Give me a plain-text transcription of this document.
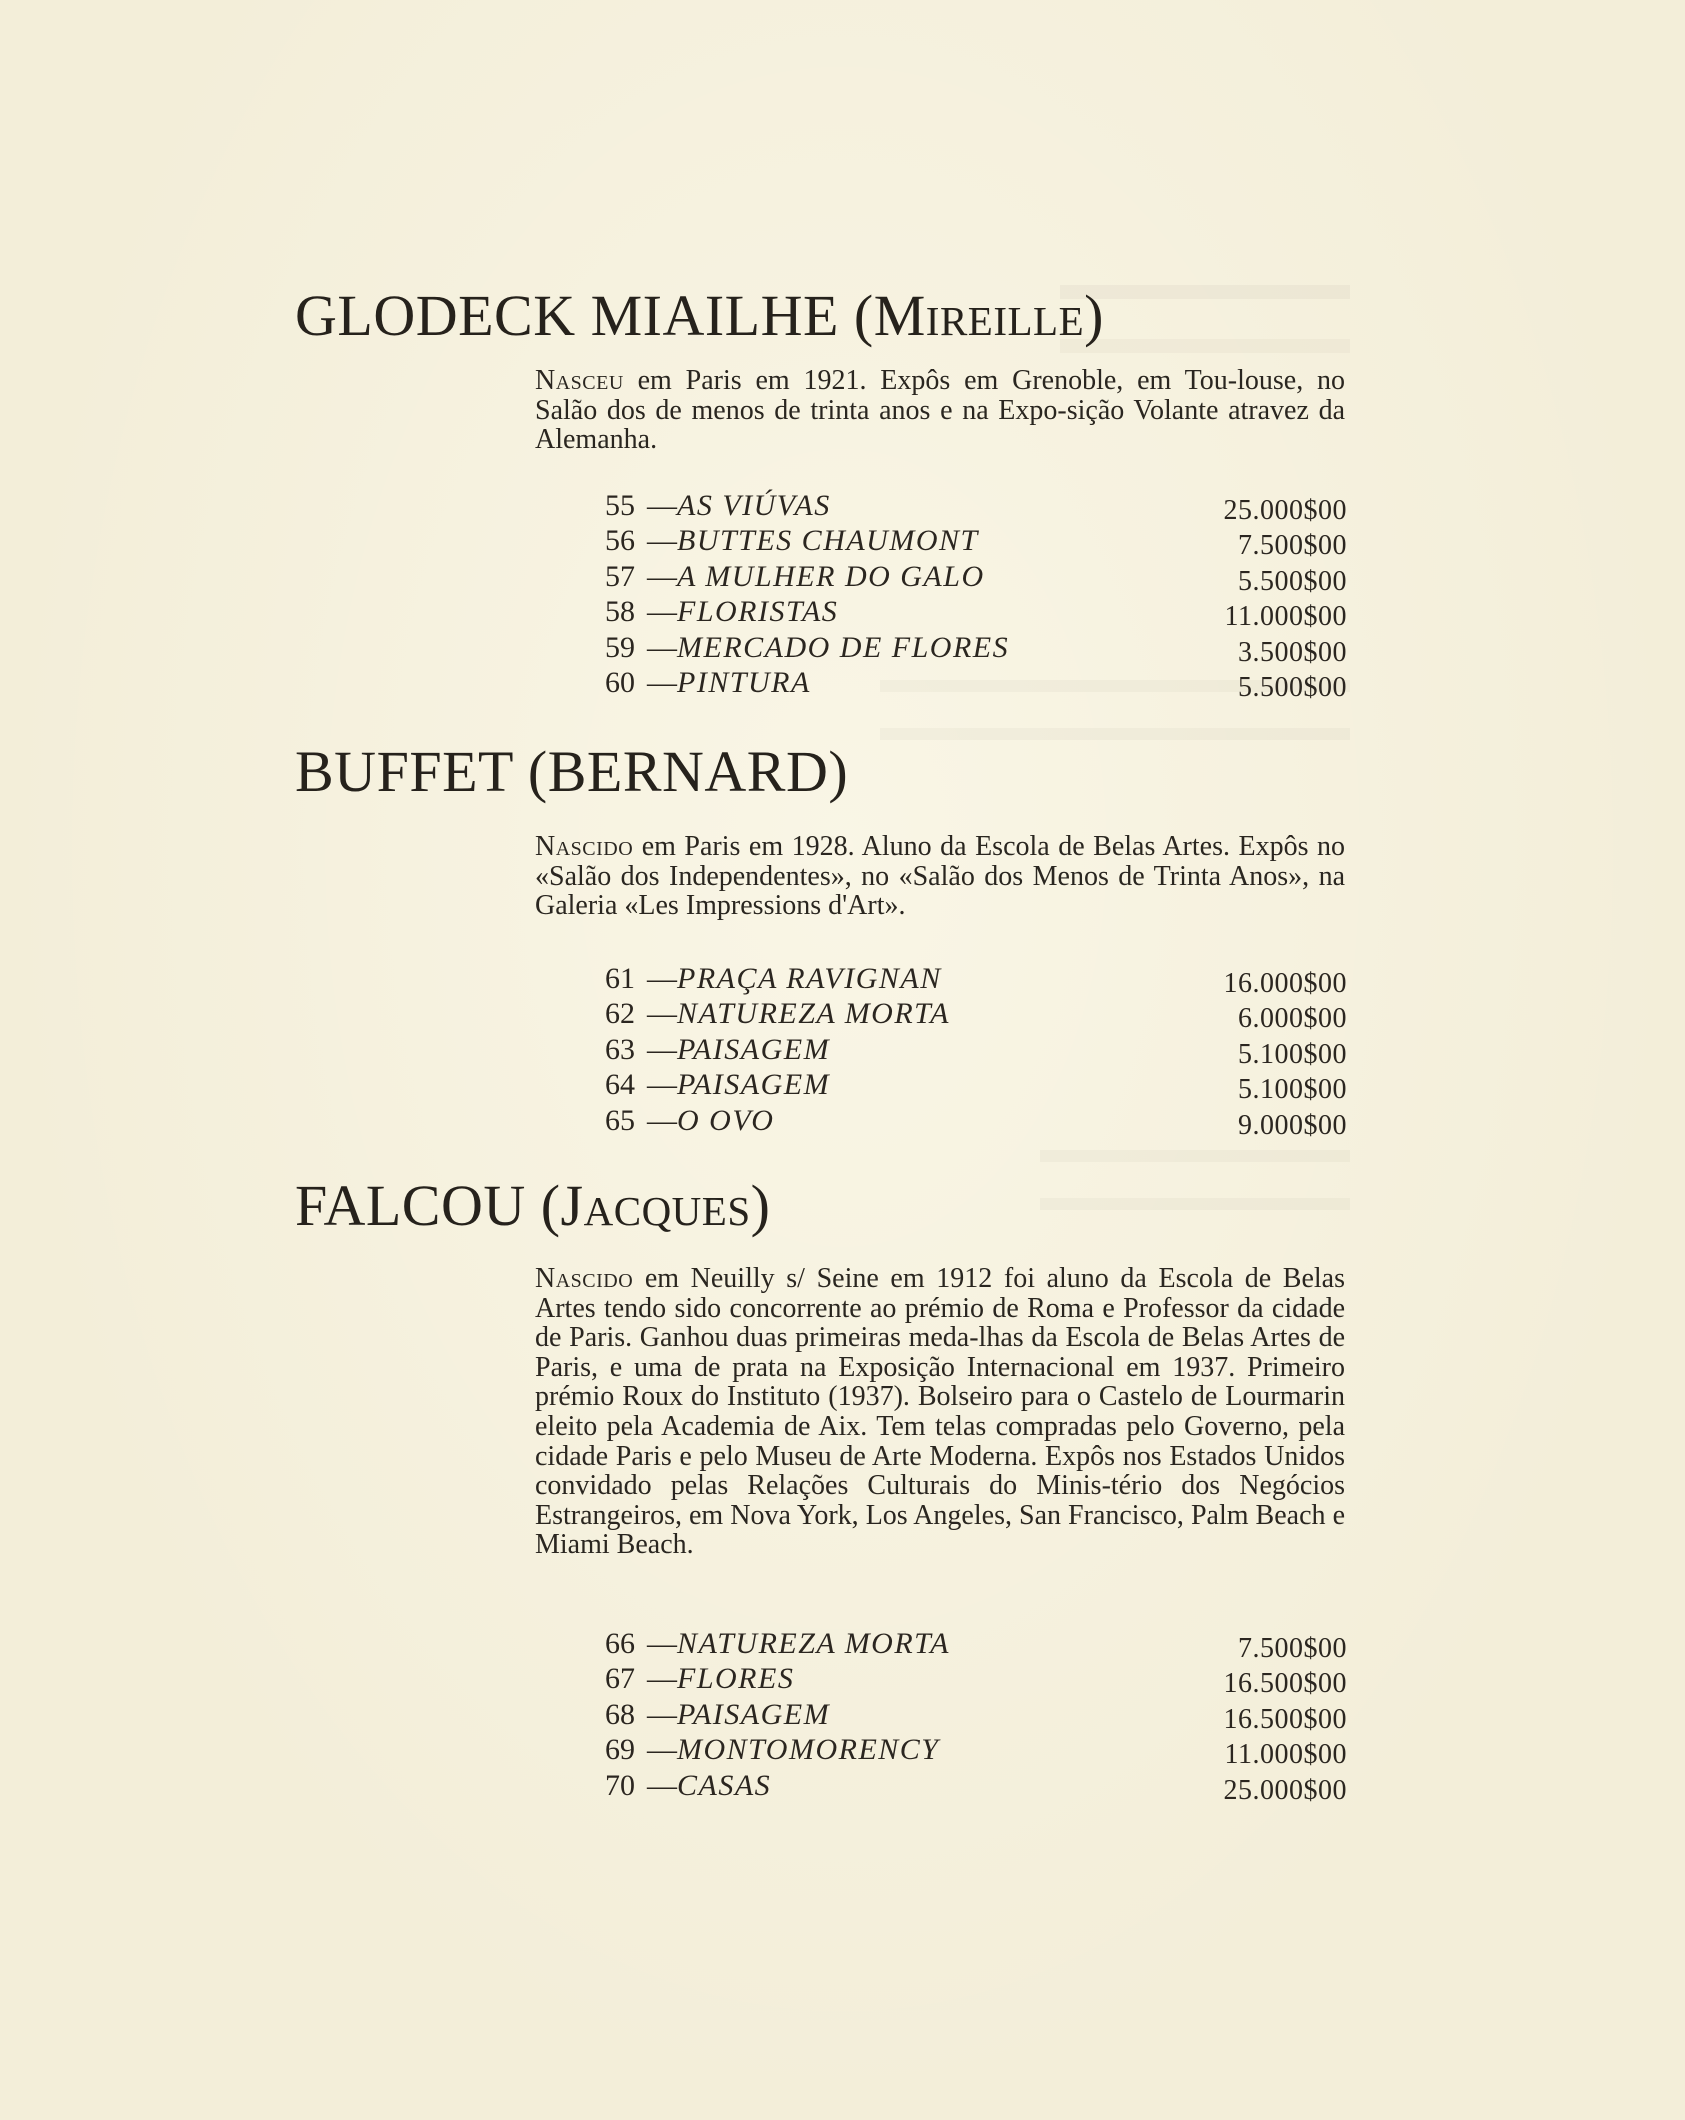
GLODECK MIAILHE (Mireille)

Nasceu em Paris em 1921. Expôs em Grenoble, em Tou-louse, no Salão dos de menos de trinta anos e na Expo-sição Volante atravez da Alemanha.

55 — AS VIÚVAS	25.000$00
56 — BUTTES CHAUMONT	7.500$00
57 — A MULHER DO GALO	5.500$00
58 — FLORISTAS	11.000$00
59 — MERCADO DE FLORES	3.500$00
60 — PINTURA	5.500$00
BUFFET (BERNARD)

Nascido em Paris em 1928. Aluno da Escola de Belas Artes. Expôs no «Salão dos Independentes», no «Salão dos Menos de Trinta Anos», na Galeria «Les Impressions d'Art».

61 — PRAÇA RAVIGNAN	16.000$00
62 — NATUREZA MORTA	6.000$00
63 — PAISAGEM	5.100$00
64 — PAISAGEM	5.100$00
65 — O OVO	9.000$00
FALCOU (Jacques)

Nascido em Neuilly s/ Seine em 1912 foi aluno da Escola de Belas Artes tendo sido concorrente ao prémio de Roma e Professor da cidade de Paris. Ganhou duas primeiras meda-lhas da Escola de Belas Artes de Paris, e uma de prata na Exposição Internacional em 1937. Primeiro prémio Roux do Instituto (1937). Bolseiro para o Castelo de Lourmarin eleito pela Academia de Aix. Tem telas compradas pelo Governo, pela cidade Paris e pelo Museu de Arte Moderna. Expôs nos Estados Unidos convidado pelas Relações Culturais do Minis-tério dos Negócios Estrangeiros, em Nova York, Los Angeles, San Francisco, Palm Beach e Miami Beach.

66 — NATUREZA MORTA	7.500$00
67 — FLORES	16.500$00
68 — PAISAGEM	16.500$00
69 — MONTOMORENCY	11.000$00
70 — CASAS	25.000$00
